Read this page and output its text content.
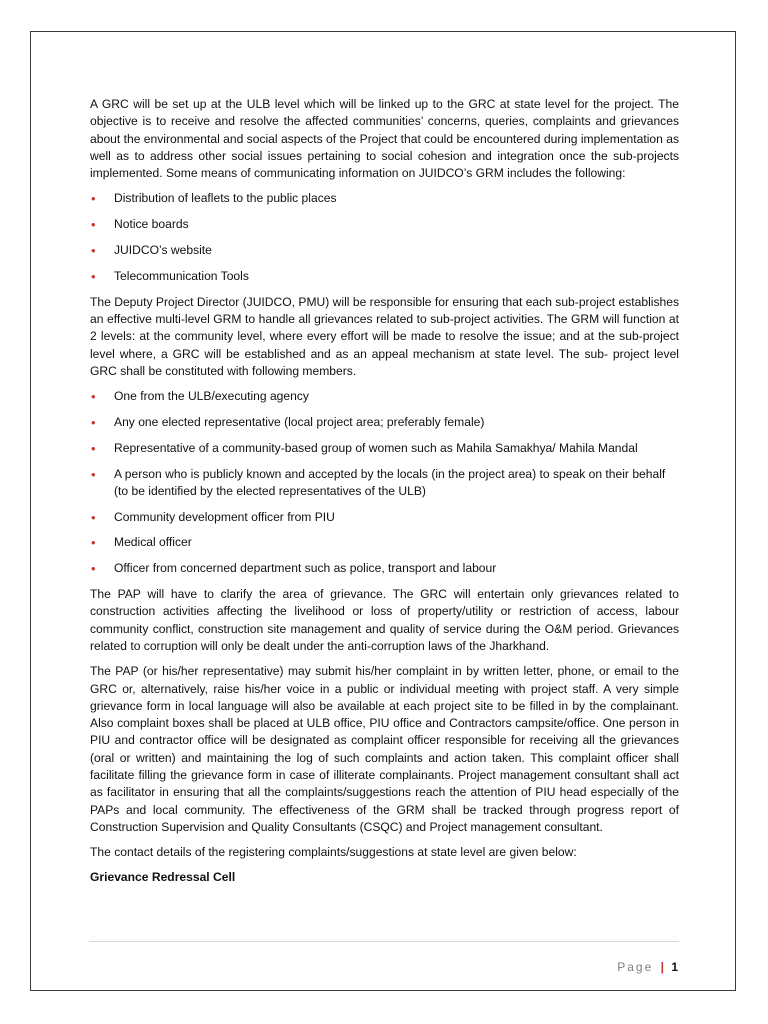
A GRC will be set up at the ULB level which will be linked up to the GRC at state level for the project. The objective is to receive and resolve the affected communities’ concerns, queries, complaints and grievances about the environmental and social aspects of the Project that could be encountered during implementation as well as to address other social issues pertaining to social cohesion and integration once the sub-projects implemented. Some means of communicating information on JUIDCO’s GRM includes the following:

• Distribution of leaflets to the public places
• Notice boards
• JUIDCO’s website
• Telecommunication Tools

The Deputy Project Director (JUIDCO, PMU) will be responsible for ensuring that each sub-project establishes an effective multi-level GRM to handle all grievances related to sub-project activities. The GRM will function at 2 levels: at the community level, where every effort will be made to resolve the issue; and at the sub-project level where, a GRC will be established and as an appeal mechanism at state level. The sub- project level GRC shall be constituted with following members.

• One from the ULB/executing agency
• Any one elected representative (local project area; preferably female)
• Representative of a community-based group of women such as Mahila Samakhya/ Mahila Mandal
• A person who is publicly known and accepted by the locals (in the project area) to speak on their behalf (to be identified by the elected representatives of the ULB)
• Community development officer from PIU
• Medical officer
• Officer from concerned department such as police, transport and labour

The PAP will have to clarify the area of grievance. The GRC will entertain only grievances related to construction activities affecting the livelihood or loss of property/utility or restriction of access, labour community conflict, construction site management and quality of service during the O&M period. Grievances related to corruption will only be dealt under the anti-corruption laws of the Jharkhand.

The PAP (or his/her representative) may submit his/her complaint in by written letter, phone, or email to the GRC or, alternatively, raise his/her voice in a public or individual meeting with project staff. A very simple grievance form in local language will also be available at each project site to be filled in by the complainant. Also complaint boxes shall be placed at ULB office, PIU office and Contractors campsite/office. One person in PIU and contractor office will be designated as complaint officer responsible for receiving all the grievances (oral or written) and maintaining the log of such complaints and action taken. This complaint officer shall facilitate filling the grievance form in case of illiterate complainants. Project management consultant shall act as facilitator in ensuring that all the complaints/suggestions reach the attention of PIU head especially of the PAPs and local community. The effectiveness of the GRM shall be tracked through progress report of Construction Supervision and Quality Consultants (CSQC) and Project management consultant.

The contact details of the registering complaints/suggestions at state level are given below:

Grievance Redressal Cell

Page | 1
